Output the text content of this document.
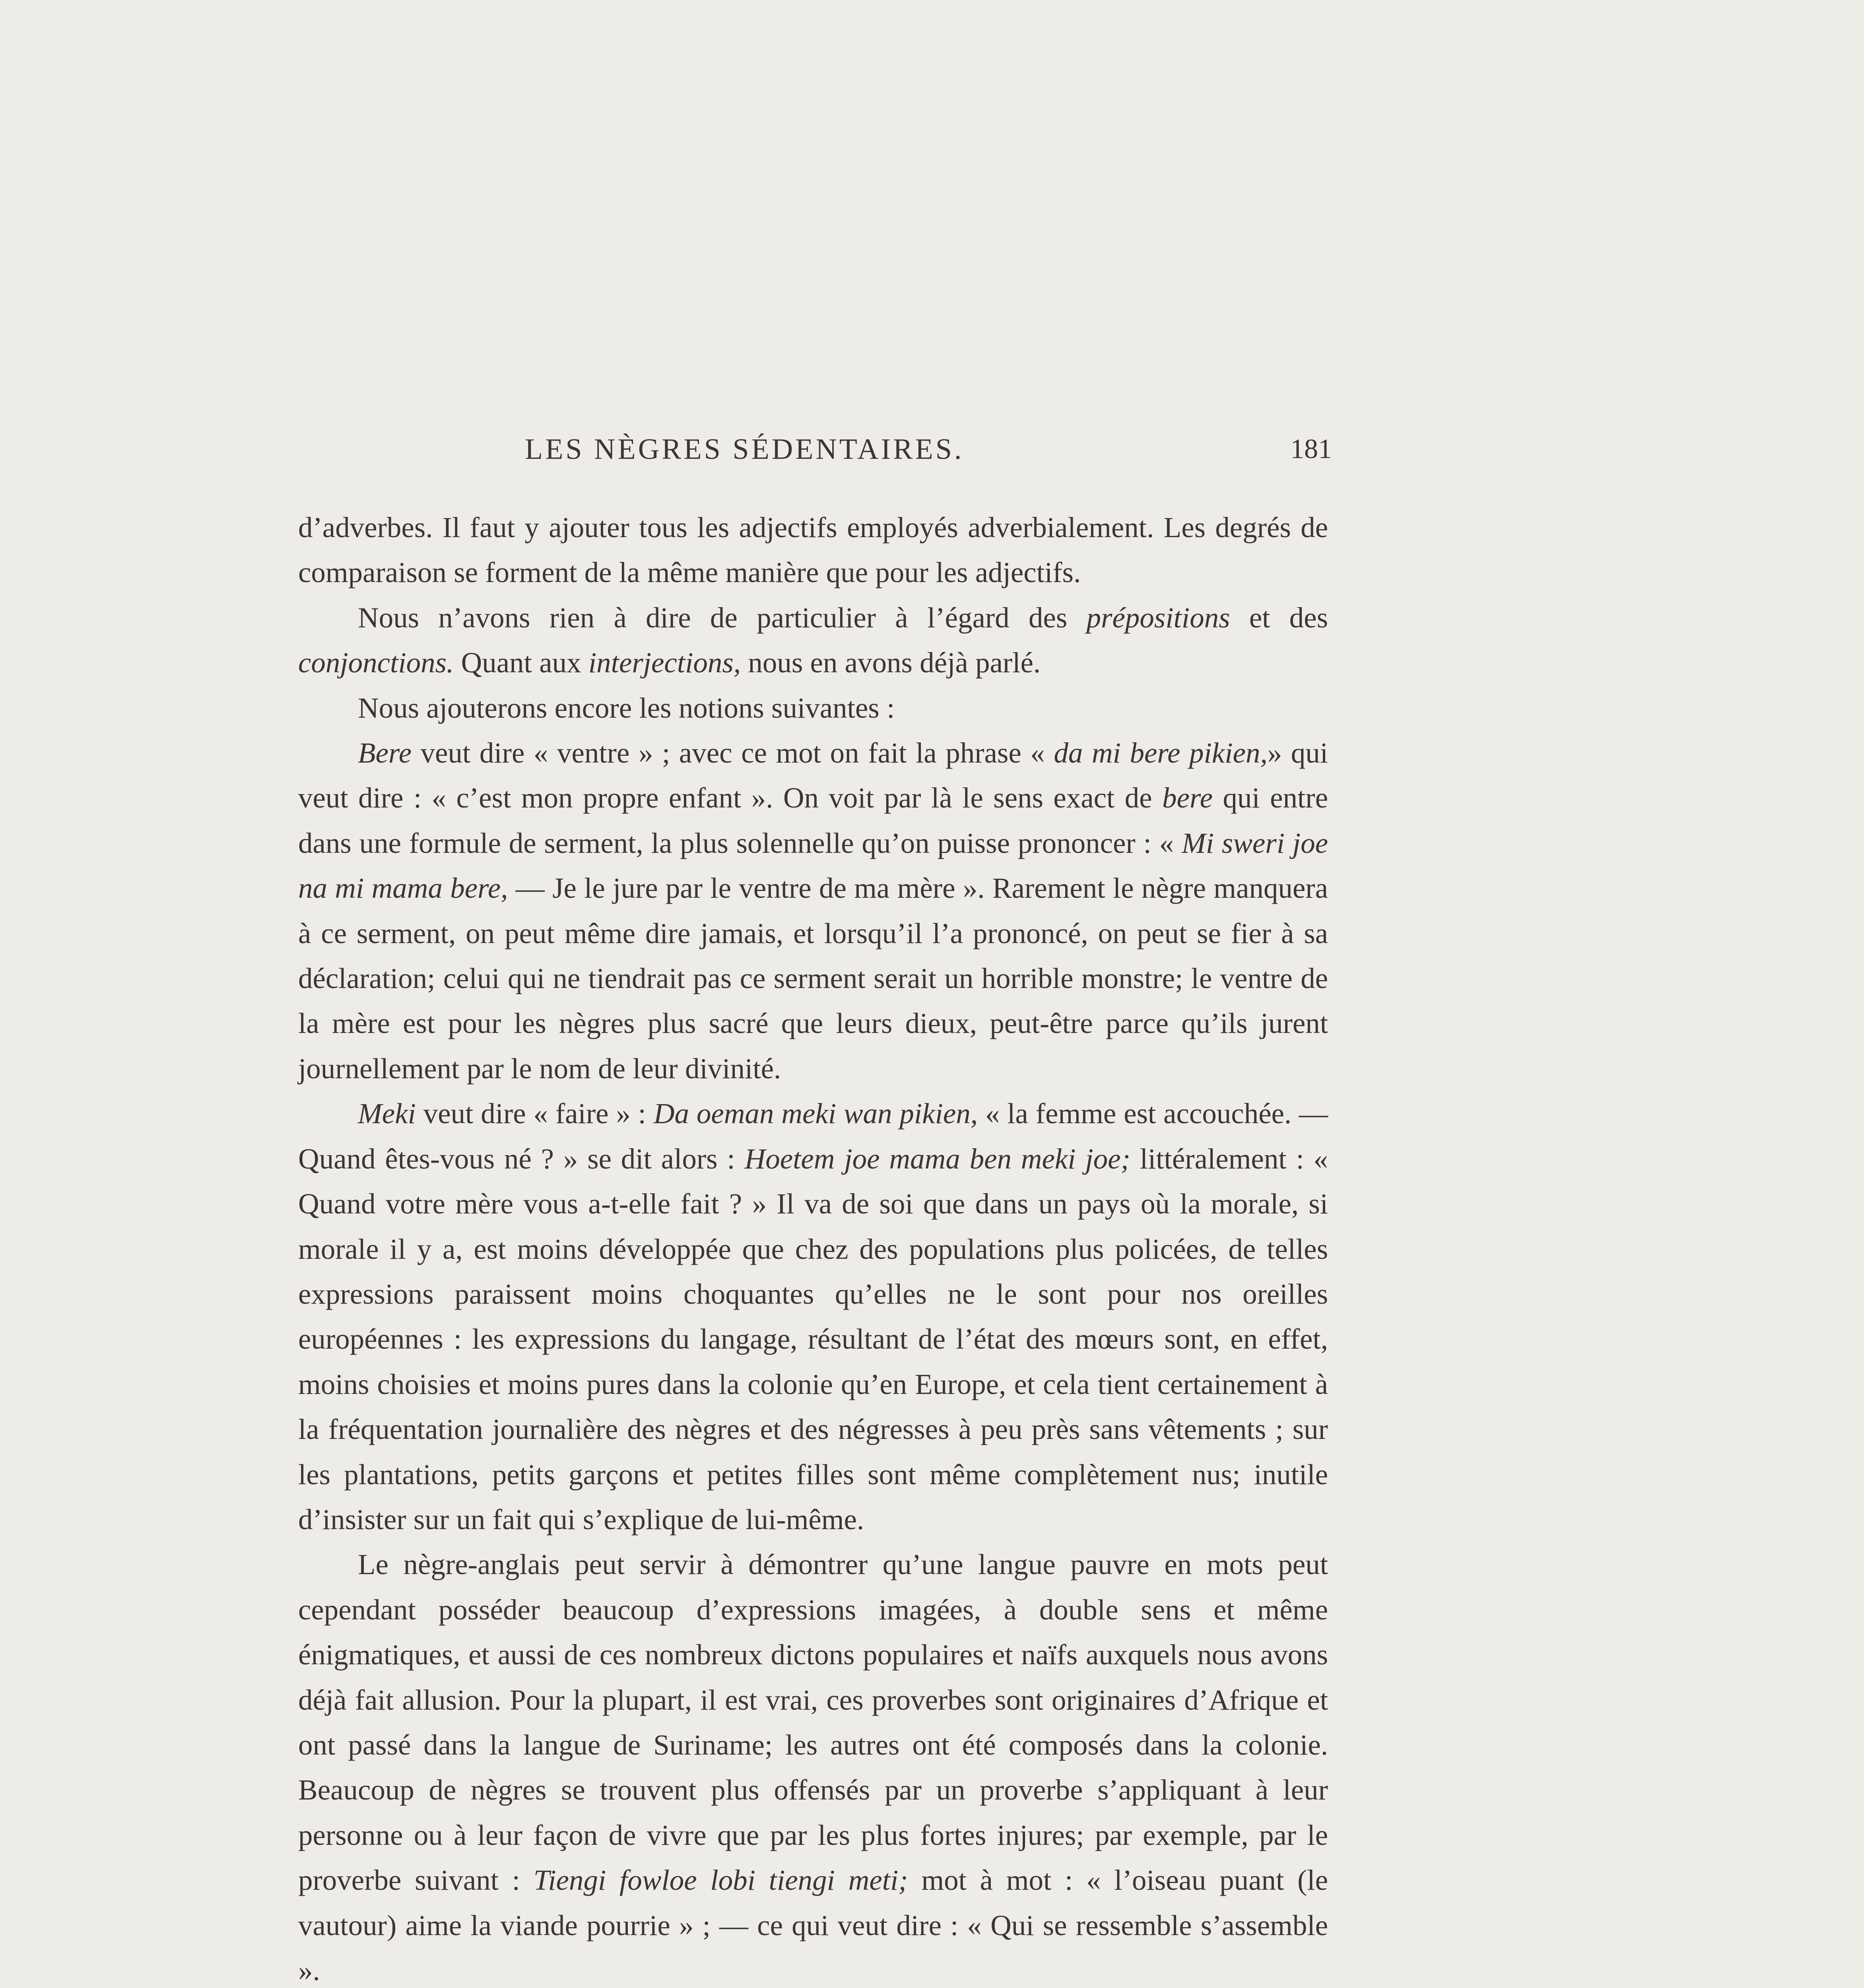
LES NÈGRES SÉDENTAIRES.	181

d’adverbes. Il faut y ajouter tous les adjectifs employés adverbialement. Les degrés de comparaison se forment de la même manière que pour les adjectifs.

Nous n’avons rien à dire de particulier à l’égard des prépositions et des conjonctions. Quant aux interjections, nous en avons déjà parlé.

Nous ajouterons encore les notions suivantes :

Bere veut dire « ventre » ; avec ce mot on fait la phrase « da mi bere pikien,» qui veut dire : « c’est mon propre enfant ». On voit par là le sens exact de bere qui entre dans une formule de serment, la plus solennelle qu’on puisse prononcer : « Mi sweri joe na mi mama bere, — Je le jure par le ventre de ma mère ». Rarement le nègre manquera à ce serment, on peut même dire jamais, et lorsqu’il l’a prononcé, on peut se fier à sa déclaration; celui qui ne tiendrait pas ce serment serait un horrible monstre; le ventre de la mère est pour les nègres plus sacré que leurs dieux, peut-être parce qu’ils jurent journellement par le nom de leur divinité.

Meki veut dire « faire » : Da oeman meki wan pikien, « la femme est accouchée. — Quand êtes-vous né ? » se dit alors : Hoetem joe mama ben meki joe; littéralement : « Quand votre mère vous a-t-elle fait ? » Il va de soi que dans un pays où la morale, si morale il y a, est moins développée que chez des populations plus policées, de telles expressions paraissent moins choquantes qu’elles ne le sont pour nos oreilles européennes : les expressions du langage, résultant de l’état des mœurs sont, en effet, moins choisies et moins pures dans la colonie qu’en Europe, et cela tient certainement à la fréquentation journalière des nègres et des négresses à peu près sans vêtements ; sur les plantations, petits garçons et petites filles sont même complètement nus; inutile d’insister sur un fait qui s’explique de lui-même.

Le nègre-anglais peut servir à démontrer qu’une langue pauvre en mots peut cependant posséder beaucoup d’expressions imagées, à double sens et même énigmatiques, et aussi de ces nombreux dictons populaires et naïfs auxquels nous avons déjà fait allusion. Pour la plupart, il est vrai, ces proverbes sont originaires d’Afrique et ont passé dans la langue de Suriname; les autres ont été composés dans la colonie. Beaucoup de nègres se trouvent plus offensés par un proverbe s’appliquant à leur personne ou à leur façon de vivre que par les plus fortes injures; par exemple, par le proverbe suivant : Tiengi fowloe lobi tiengi meti; mot à mot : « l’oiseau puant (le vautour) aime la viande pourrie » ; — ce qui veut dire : « Qui se ressemble s’assemble ».
